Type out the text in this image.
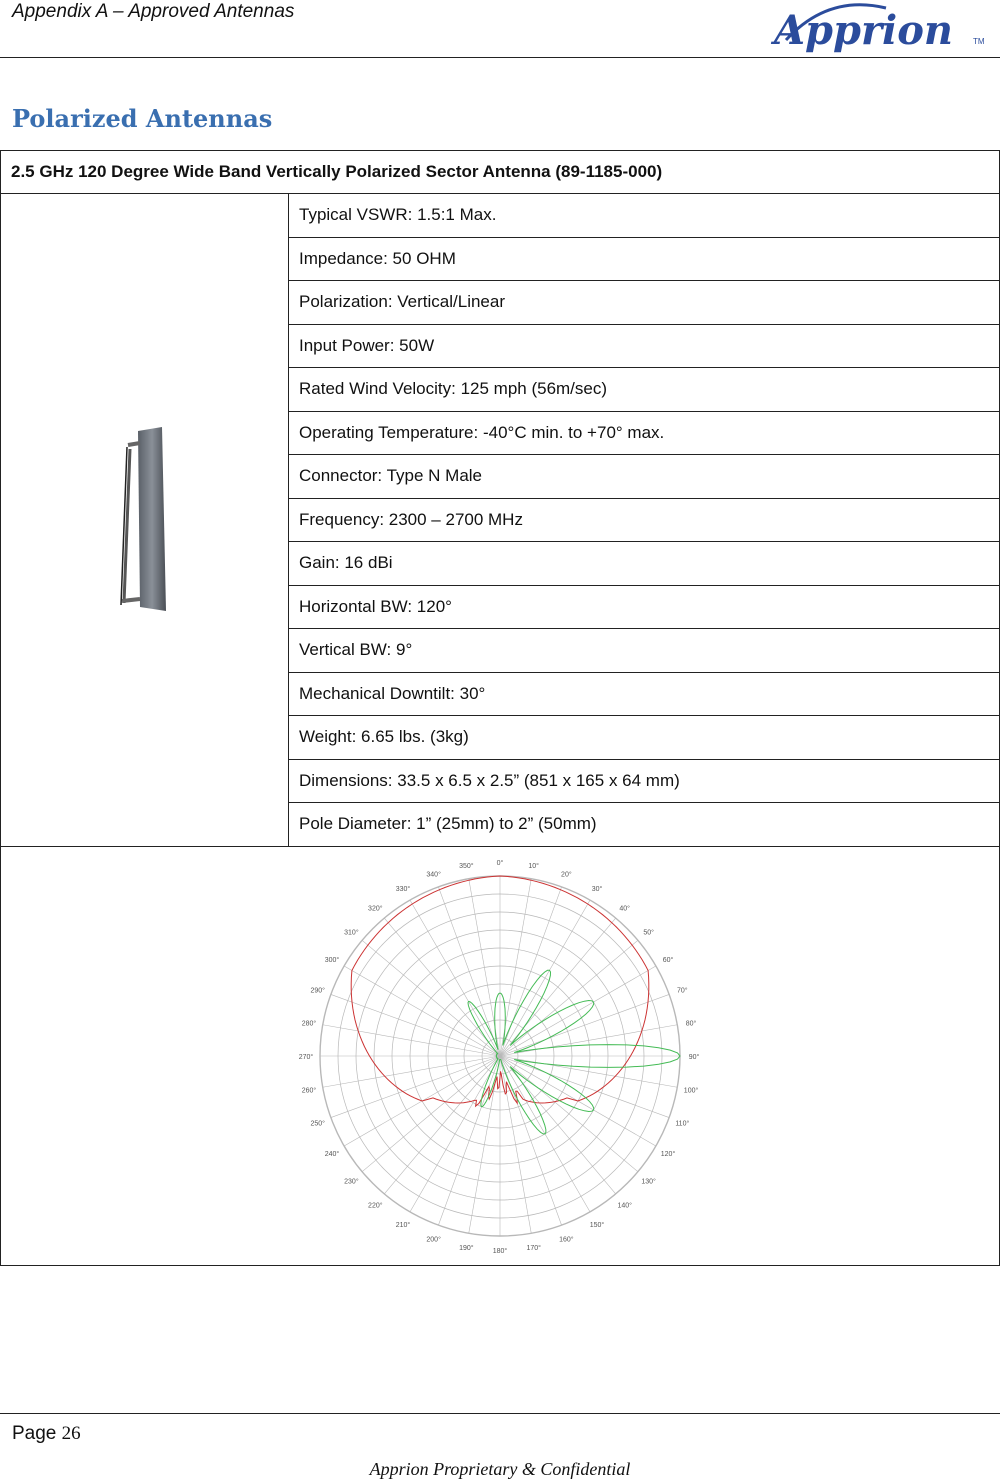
Appendix A – Approved Antennas	Apprion TM
Polarized Antennas
2.5 GHz 120 Degree Wide Band Vertically Polarized Sector Antenna (89-1185-000)

	Typical VSWR: 1.5:1 Max.
Impedance: 50 OHM
Polarization: Vertical/Linear
Input Power: 50W
Rated Wind Velocity: 125 mph (56m/sec)
Operating Temperature: -40°C min. to +70° max.
Connector: Type N Male
Frequency: 2300 – 2700 MHz
Gain: 16 dBi
Horizontal BW: 120°
Vertical BW: 9°
Mechanical Downtilt: 30°
Weight: 6.65 lbs. (3kg)
Dimensions: 33.5 x 6.5 x 2.5” (851 x 165 x 64 mm)
Pole Diameter: 1” (25mm) to 2” (50mm)

0°	10°
20°
30°
40°
50°
60°
70°
80°
90°
100°
110°
120°
130°
140°
150°
160°
170°
180°
190°
200°
210°
220°
230°
240°
250°
260°
270°
280°
290°
300°
310°
320°
330°
340°
350°
Page 26
Apprion Proprietary & Confidential
